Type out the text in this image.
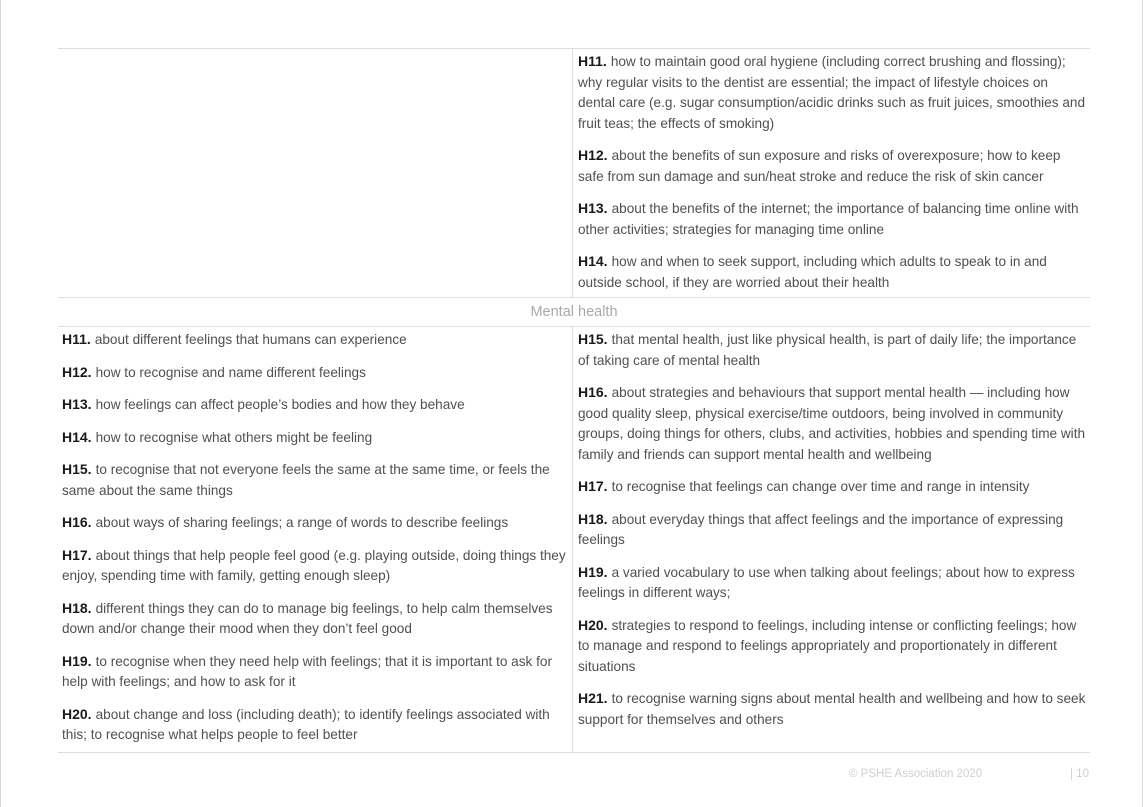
H11. how to maintain good oral hygiene (including correct brushing and flossing); why regular visits to the dentist are essential; the impact of lifestyle choices on dental care (e.g. sugar consumption/acidic drinks such as fruit juices, smoothies and fruit teas; the effects of smoking)

H12. about the benefits of sun exposure and risks of overexposure; how to keep safe from sun damage and sun/heat stroke and reduce the risk of skin cancer

H13. about the benefits of the internet; the importance of balancing time online with other activities; strategies for managing time online

H14. how and when to seek support, including which adults to speak to in and outside school, if they are worried about their health

Mental health

H11. about different feelings that humans can experience

H12. how to recognise and name different feelings

H13. how feelings can affect people’s bodies and how they behave

H14. how to recognise what others might be feeling

H15. to recognise that not everyone feels the same at the same time, or feels the same about the same things

H16. about ways of sharing feelings; a range of words to describe feelings

H17. about things that help people feel good (e.g. playing outside, doing things they enjoy, spending time with family, getting enough sleep)

H18. different things they can do to manage big feelings, to help calm themselves down and/or change their mood when they don’t feel good

H19. to recognise when they need help with feelings; that it is important to ask for help with feelings; and how to ask for it

H20. about change and loss (including death); to identify feelings associated with this; to recognise what helps people to feel better

H15. that mental health, just like physical health, is part of daily life; the importance of taking care of mental health

H16. about strategies and behaviours that support mental health — including how good quality sleep, physical exercise/time outdoors, being involved in community groups, doing things for others, clubs, and activities, hobbies and spending time with family and friends can support mental health and wellbeing

H17. to recognise that feelings can change over time and range in intensity

H18. about everyday things that affect feelings and the importance of expressing feelings

H19. a varied vocabulary to use when talking about feelings; about how to express feelings in different ways;

H20. strategies to respond to feelings, including intense or conflicting feelings; how to manage and respond to feelings appropriately and proportionately in different situations

H21. to recognise warning signs about mental health and wellbeing and how to seek support for themselves and others

© PSHE Association 2020	| 10
